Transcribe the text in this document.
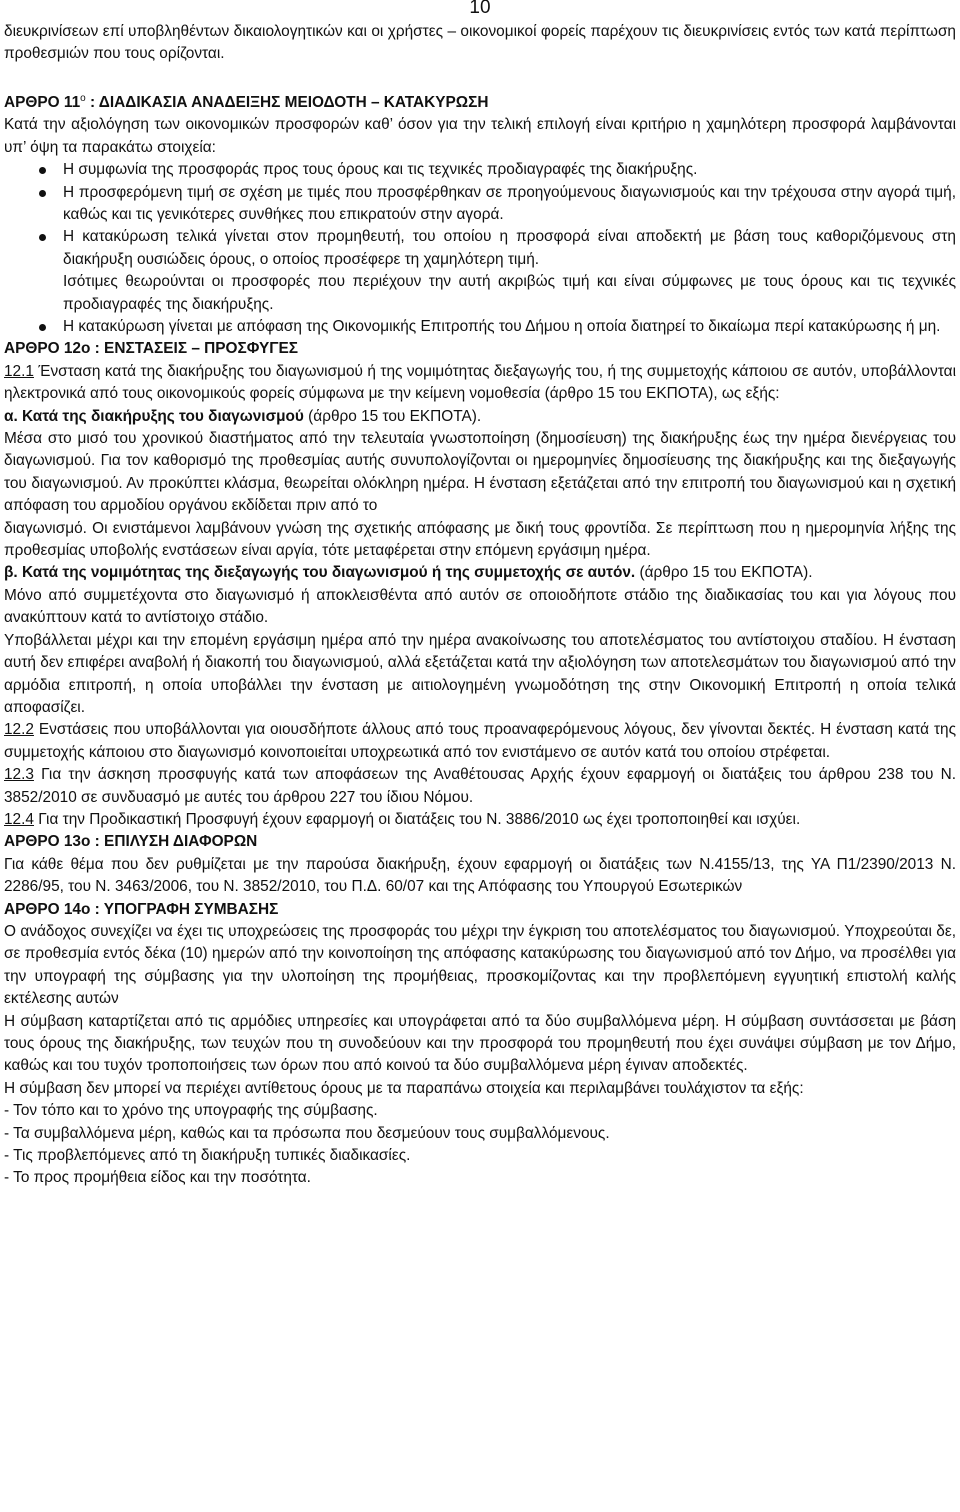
10

διευκρινίσεων επί υποβληθέντων δικαιολογητικών και οι χρήστες – οικονομικοί φορείς παρέχουν τις διευκρινίσεις εντός των κατά περίπτωση προθεσμιών που τους ορίζονται.

ΑΡΘΡΟ $11^o$ : ΔΙΑΔΙΚΑΣΙΑ ΑΝΑΔΕΙΞΗΣ ΜΕΙΟΔΟΤΗ – ΚΑΤΑΚΥΡΩΣΗ

Κατά την αξιολόγηση των οικονομικών προσφορών καθ’ όσον για την τελική επιλογή είναι κριτήριο η χαμηλότερη προσφορά λαμβάνονται υπ’ όψη τα παρακάτω στοιχεία:

Η συμφωνία της προσφοράς προς τους όρους και τις τεχνικές προδιαγραφές της διακήρυξης.
Η προσφερόμενη τιμή σε σχέση με τιμές που προσφέρθηκαν σε προηγούμενους διαγωνισμούς και την τρέχουσα στην αγορά τιμή, καθώς και τις γενικότερες συνθήκες που επικρατούν στην αγορά.
Η κατακύρωση τελικά γίνεται στον προμηθευτή, του οποίου η προσφορά είναι αποδεκτή με βάση τους καθοριζόμενους στη διακήρυξη ουσιώδεις όρους, ο οποίος προσέφερε τη χαμηλότερη τιμή.
Ισότιμες θεωρούνται οι προσφορές που περιέχουν την αυτή ακριβώς τιμή και είναι σύμφωνες με τους όρους και τις τεχνικές προδιαγραφές της διακήρυξης.
Η κατακύρωση γίνεται με απόφαση της Οικονομικής Επιτροπής του Δήμου η οποία διατηρεί το δικαίωμα περί κατακύρωσης ή μη.

ΑΡΘΡΟ 12ο : ΕΝΣΤΑΣΕΙΣ – ΠΡΟΣΦΥΓΕΣ

12.1 Ένσταση κατά της διακήρυξης του διαγωνισμού ή της νομιμότητας διεξαγωγής του, ή της συμμετοχής κάποιου σε αυτόν, υποβάλλονται ηλεκτρονικά από τους οικονομικούς φορείς σύμφωνα με την κείμενη νομοθεσία (άρθρο 15 του ΕΚΠΟΤΑ), ως εξής:

α. Κατά της διακήρυξης του διαγωνισμού (άρθρο 15 του ΕΚΠΟΤΑ).

Μέσα στο μισό του χρονικού διαστήματος από την τελευταία γνωστοποίηση (δημοσίευση) της διακήρυξης έως την ημέρα διενέργειας του διαγωνισμού. Για τον καθορισμό της προθεσμίας αυτής συνυπολογίζονται οι ημερομηνίες δημοσίευσης της διακήρυξης και της διεξαγωγής του διαγωνισμού. Αν προκύπτει κλάσμα, θεωρείται ολόκληρη ημέρα. Η ένσταση εξετάζεται από την επιτροπή του διαγωνισμού και η σχετική απόφαση του αρμοδίου οργάνου εκδίδεται πριν από το

διαγωνισμό. Οι ενιστάμενοι λαμβάνουν γνώση της σχετικής απόφασης με δική τους φροντίδα. Σε περίπτωση που η ημερομηνία λήξης της προθεσμίας υποβολής ενστάσεων είναι αργία, τότε μεταφέρεται στην επόμενη εργάσιμη ημέρα.

β. Κατά της νομιμότητας της διεξαγωγής του διαγωνισμού ή της συμμετοχής σε αυτόν. (άρθρο 15 του ΕΚΠΟΤΑ).

Μόνο από συμμετέχοντα στο διαγωνισμό ή αποκλεισθέντα από αυτόν σε οποιοδήποτε στάδιο της διαδικασίας του και για λόγους που ανακύπτουν κατά το αντίστοιχο στάδιο.

Υποβάλλεται μέχρι και την επομένη εργάσιμη ημέρα από την ημέρα ανακοίνωσης του αποτελέσματος του αντίστοιχου σταδίου. Η ένσταση αυτή δεν επιφέρει αναβολή ή διακοπή του διαγωνισμού, αλλά εξετάζεται κατά την αξιολόγηση των αποτελεσμάτων του διαγωνισμού από την αρμόδια επιτροπή, η οποία υποβάλλει την ένσταση με αιτιολογημένη γνωμοδότηση της στην Οικονομική Επιτροπή η οποία τελικά αποφασίζει.

12.2 Ενστάσεις που υποβάλλονται για οιουσδήποτε άλλους από τους προαναφερόμενους λόγους, δεν γίνονται δεκτές. Η ένσταση κατά της συμμετοχής κάποιου στο διαγωνισμό κοινοποιείται υποχρεωτικά από τον ενιστάμενο σε αυτόν κατά του οποίου στρέφεται.

12.3 Για την άσκηση προσφυγής κατά των αποφάσεων της Αναθέτουσας Αρχής έχουν εφαρμογή οι διατάξεις του άρθρου 238 του Ν. 3852/2010 σε συνδυασμό με αυτές του άρθρου 227 του ίδιου Νόμου.

12.4 Για την Προδικαστική Προσφυγή έχουν εφαρμογή οι διατάξεις του Ν. 3886/2010 ως έχει τροποποιηθεί και ισχύει.

ΑΡΘΡΟ 13ο : ΕΠΙΛΥΣΗ ΔΙΑΦΟΡΩΝ

Για κάθε θέμα που δεν ρυθμίζεται με την παρούσα διακήρυξη, έχουν εφαρμογή οι διατάξεις των Ν.4155/13, της ΥΑ Π1/2390/2013 Ν. 2286/95, του Ν. 3463/2006, του Ν. 3852/2010, του Π.Δ. 60/07 και της Απόφασης του Υπουργού Εσωτερικών

ΑΡΘΡΟ 14ο : ΥΠΟΓΡΑΦΗ ΣΥΜΒΑΣΗΣ

Ο ανάδοχος συνεχίζει να έχει τις υποχρεώσεις της προσφοράς του μέχρι την έγκριση του αποτελέσματος του διαγωνισμού. Υποχρεούται δε, σε προθεσμία εντός δέκα (10) ημερών από την κοινοποίηση της απόφασης κατακύρωσης του διαγωνισμού από τον Δήμο, να προσέλθει για την υπογραφή της σύμβασης για την υλοποίηση της προμήθειας, προσκομίζοντας και την προβλεπόμενη εγγυητική επιστολή καλής εκτέλεσης αυτών

Η σύμβαση καταρτίζεται από τις αρμόδιες υπηρεσίες και υπογράφεται από τα δύο συμβαλλόμενα μέρη. Η σύμβαση συντάσσεται με βάση τους όρους της διακήρυξης, των τευχών που τη συνοδεύουν και την προσφορά του προμηθευτή που έχει συνάψει σύμβαση με τον Δήμο, καθώς και του τυχόν τροποποιήσεις των όρων που από κοινού τα δύο συμβαλλόμενα μέρη έγιναν αποδεκτές.

Η σύμβαση δεν μπορεί να περιέχει αντίθετους όρους με τα παραπάνω στοιχεία και περιλαμβάνει τουλάχιστον τα εξής:

- Τον τόπο και το χρόνο της υπογραφής της σύμβασης.

- Τα συμβαλλόμενα μέρη, καθώς και τα πρόσωπα που δεσμεύουν τους συμβαλλόμενους.

- Τις προβλεπόμενες από τη διακήρυξη τυπικές διαδικασίες.

- Το προς προμήθεια είδος και την ποσότητα.
